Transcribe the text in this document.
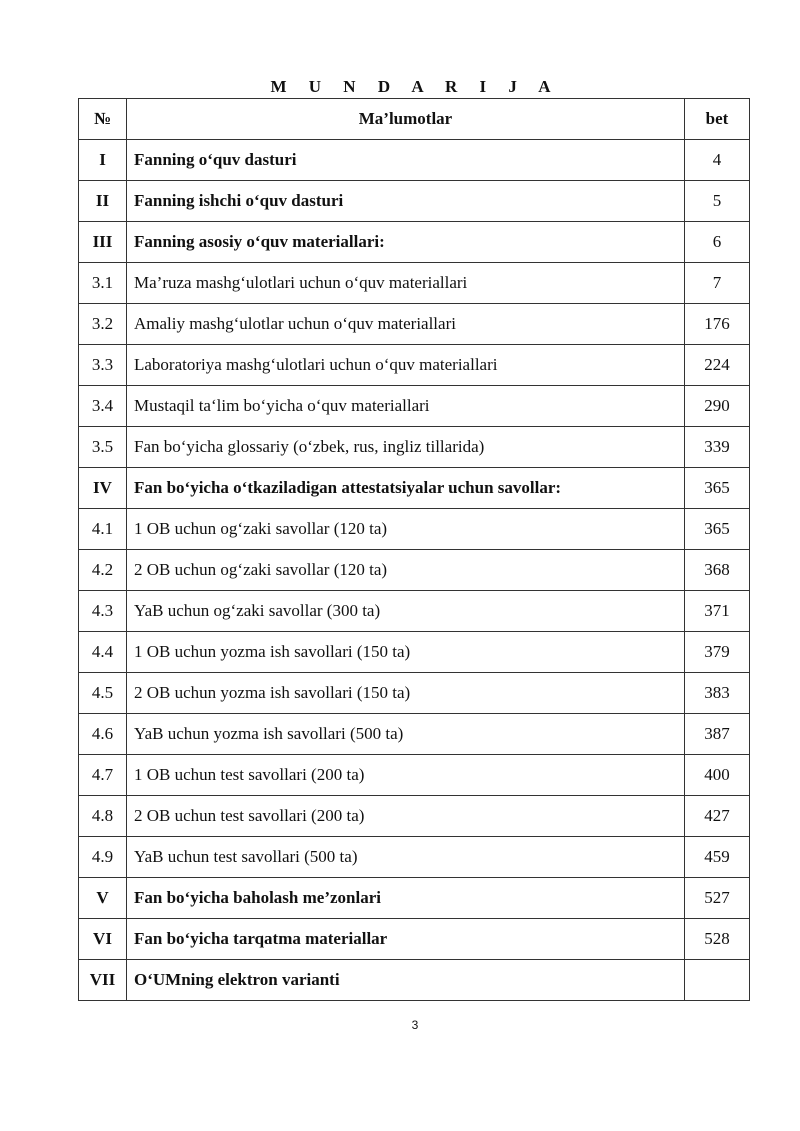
M U N D A R I J A
№	Ma’lumotlar	bet
I	Fanning o‘quv dasturi	4
II	Fanning ishchi o‘quv dasturi	5
III	Fanning asosiy o‘quv materiallari:	6
3.1	Ma’ruza mashg‘ulotlari uchun o‘quv materiallari	7
3.2	Amaliy mashg‘ulotlar uchun o‘quv materiallari	176
3.3	Laboratoriya mashg‘ulotlari uchun o‘quv materiallari	224
3.4	Mustaqil ta‘lim bo‘yicha o‘quv materiallari	290
3.5	Fan bo‘yicha glossariy (o‘zbek, rus, ingliz tillarida)	339
IV	Fan bo‘yicha o‘tkaziladigan attestatsiyalar uchun savollar:	365
4.1	1 OB uchun og‘zaki savollar (120 ta)	365
4.2	2 OB uchun og‘zaki savollar (120 ta)	368
4.3	YaB uchun og‘zaki savollar (300 ta)	371
4.4	1 OB uchun yozma ish savollari (150 ta)	379
4.5	2 OB uchun yozma ish savollari (150 ta)	383
4.6	YaB uchun yozma ish savollari (500 ta)	387
4.7	1 OB uchun test savollari (200 ta)	400
4.8	2 OB uchun test savollari (200 ta)	427
4.9	YaB uchun test savollari (500 ta)	459
V	Fan bo‘yicha baholash me’zonlari	527
VI	Fan bo‘yicha tarqatma materiallar	528
VII	O‘UMning elektron varianti	
3
